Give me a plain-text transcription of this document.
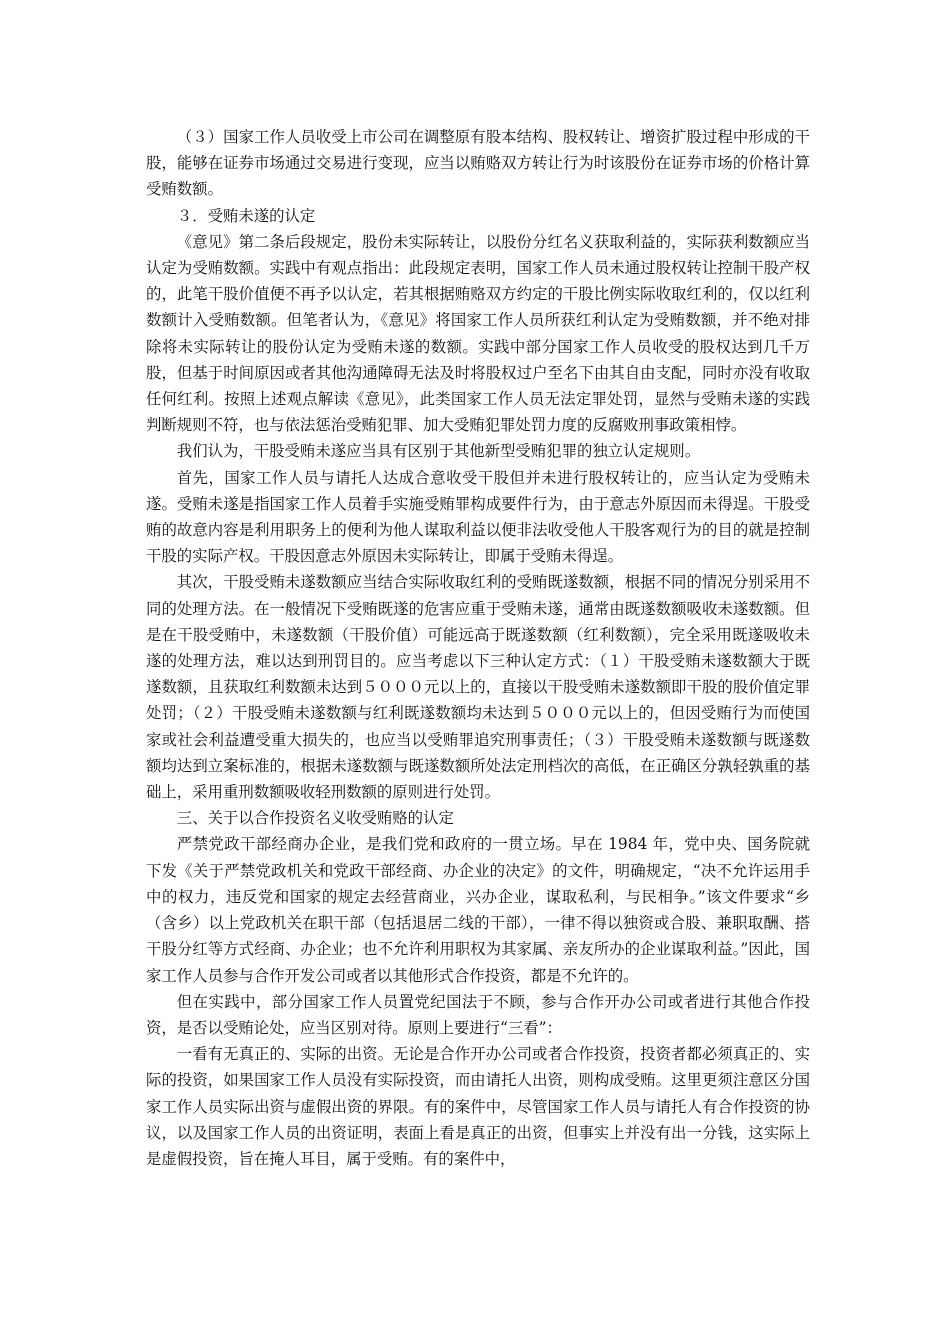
（３）国家工作人员收受上市公司在调整原有股本结构、股权转让、增资扩股过程中形成的干股，能够在证券市场通过交易进行变现，应当以贿赂双方转让行为时该股份在证券市场的价格计算受贿数额。

３．受贿未遂的认定

《意见》第二条后段规定，股份未实际转让，以股份分红名义获取利益的，实际获利数额应当认定为受贿数额。实践中有观点指出：此段规定表明，国家工作人员未通过股权转让控制干股产权的，此笔干股价值便不再予以认定，若其根据贿赂双方约定的干股比例实际收取红利的，仅以红利数额计入受贿数额。但笔者认为，《意见》将国家工作人员所获红利认定为受贿数额，并不绝对排除将未实际转让的股份认定为受贿未遂的数额。实践中部分国家工作人员收受的股权达到几千万股，但基于时间原因或者其他沟通障碍无法及时将股权过户至名下由其自由支配，同时亦没有收取任何红利。按照上述观点解读《意见》，此类国家工作人员无法定罪处罚，显然与受贿未遂的实践判断规则不符，也与依法惩治受贿犯罪、加大受贿犯罪处罚力度的反腐败刑事政策相悖。

我们认为，干股受贿未遂应当具有区别于其他新型受贿犯罪的独立认定规则。

首先，国家工作人员与请托人达成合意收受干股但并未进行股权转让的，应当认定为受贿未遂。受贿未遂是指国家工作人员着手实施受贿罪构成要件行为，由于意志外原因而未得逞。干股受贿的故意内容是利用职务上的便利为他人谋取利益以便非法收受他人干股客观行为的目的就是控制干股的实际产权。干股因意志外原因未实际转让，即属于受贿未得逞。

其次，干股受贿未遂数额应当结合实际收取红利的受贿既遂数额，根据不同的情况分别采用不同的处理方法。在一般情况下受贿既遂的危害应重于受贿未遂，通常由既遂数额吸收未遂数额。但是在干股受贿中，未遂数额（干股价值）可能远高于既遂数额（红利数额），完全采用既遂吸收未遂的处理方法，难以达到刑罚目的。应当考虑以下三种认定方式：（１）干股受贿未遂数额大于既遂数额，且获取红利数额未达到５０００元以上的，直接以干股受贿未遂数额即干股的股价值定罪处罚；（２）干股受贿未遂数额与红利既遂数额均未达到５０００元以上的，但因受贿行为而使国家或社会利益遭受重大损失的，也应当以受贿罪追究刑事责任；（３）干股受贿未遂数额与既遂数额均达到立案标准的，根据未遂数额与既遂数额所处法定刑档次的高低，在正确区分孰轻孰重的基础上，采用重刑数额吸收轻刑数额的原则进行处罚。

三、关于以合作投资名义收受贿赂的认定

严禁党政干部经商办企业，是我们党和政府的一贯立场。早在 1984 年，党中央、国务院就下发《关于严禁党政机关和党政干部经商、办企业的决定》的文件，明确规定，“决不允许运用手中的权力，违反党和国家的规定去经营商业，兴办企业，谋取私利，与民相争。”该文件要求“乡（含乡）以上党政机关在职干部（包括退居二线的干部），一律不得以独资或合股、兼职取酬、搭干股分红等方式经商、办企业；也不允许利用职权为其家属、亲友所办的企业谋取利益。”因此，国家工作人员参与合作开发公司或者以其他形式合作投资，都是不允许的。

但在实践中，部分国家工作人员置党纪国法于不顾，参与合作开办公司或者进行其他合作投资，是否以受贿论处，应当区别对待。原则上要进行“三看”：

一看有无真正的、实际的出资。无论是合作开办公司或者合作投资，投资者都必须真正的、实际的投资，如果国家工作人员没有实际投资，而由请托人出资，则构成受贿。这里更须注意区分国家工作人员实际出资与虚假出资的界限。有的案件中，尽管国家工作人员与请托人有合作投资的协议，以及国家工作人员的出资证明，表面上看是真正的出资，但事实上并没有出一分钱，这实际上是虚假投资，旨在掩人耳目，属于受贿。有的案件中，
